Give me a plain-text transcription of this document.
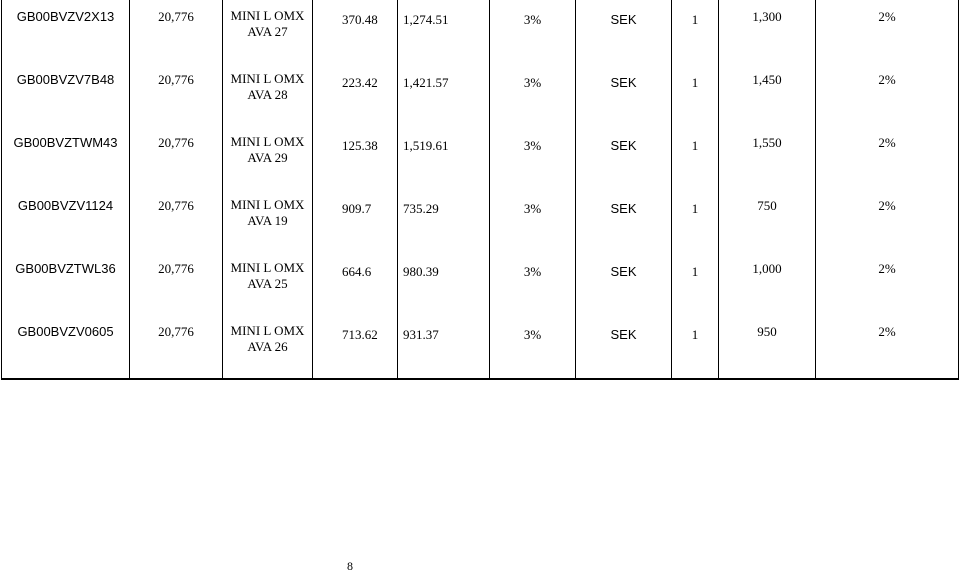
GB00BVZV2X13	20,776	MINI L OMX
AVA 27	370.48	1,274.51	3%	SEK	1	1,300	2%

GB00BVZV7B48	20,776	MINI L OMX
AVA 28	223.42	1,421.57	3%	SEK	1	1,450	2%

GB00BVZTWM43	20,776	MINI L OMX
AVA 29	125.38	1,519.61	3%	SEK	1	1,550	2%

GB00BVZV1124	20,776	MINI L OMX
AVA 19	909.7	735.29	3%	SEK	1	750	2%

GB00BVZTWL36	20,776	MINI L OMX
AVA 25	664.6	980.39	3%	SEK	1	1,000	2%

GB00BVZV0605	20,776	MINI L OMX
AVA 26	713.62	931.37	3%	SEK	1	950	2%
8
